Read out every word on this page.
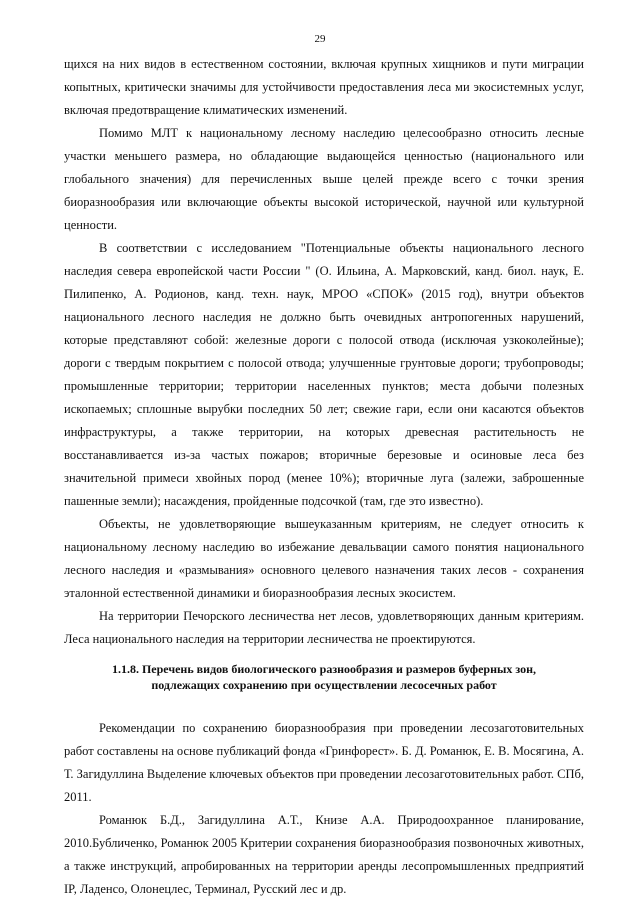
29

щихся на них видов в естественном состоянии, включая крупных хищников и пути миграции копытных, критически значимы для устойчивости предоставления леса ми экосистемных услуг, включая предотвращение климатических изменений.

Помимо МЛТ к национальному лесному наследию целесообразно относить лесные участки меньшего размера, но обладающие выдающейся ценностью (национального или глобального значения) для перечисленных выше целей прежде всего с точки зрения биоразнообразия или включающие объекты высокой исторической, научной или культурной ценности.

В соответствии с исследованием "Потенциальные объекты национального лесного наследия севера европейской части России " (О. Ильина, А. Марковский, канд. биол. наук, Е. Пилипенко, А. Родионов, канд. техн. наук, МРОО «СПОК» (2015 год), внутри объектов национального лесного наследия не должно быть очевидных антропогенных нарушений, которые представляют собой: железные дороги с полосой отвода (исключая узкоколейные); дороги с твердым покрытием с полосой отвода; улучшенные грунтовые дороги; трубопроводы; промышленные территории; территории населенных пунктов; места добычи полезных ископаемых; сплошные вырубки последних 50 лет; свежие гари, если они касаются объектов инфраструктуры, а также территории, на которых древесная растительность не восстанавливается из-за частых пожаров; вторичные березовые и осиновые леса без значительной примеси хвойных пород (менее 10%); вторичные луга (залежи, заброшенные пашенные земли); насаждения, пройденные подсочкой (там, где это известно).

Объекты, не удовлетворяющие вышеуказанным критериям, не следует относить к национальному лесному наследию во избежание девальвации самого понятия национального лесного наследия и «размывания» основного целевого назначения таких лесов - сохранения эталонной естественной динамики и биоразнообразия лесных экосистем.

На территории Печорского лесничества нет лесов, удовлетворяющих данным критериям. Леса национального наследия на территории лесничества не проектируются.

1.1.8. Перечень видов биологического разнообразия и размеров буферных зон,
подлежащих сохранению при осуществлении лесосечных работ

Рекомендации по сохранению биоразнообразия при проведении лесозаготовительных работ составлены на основе публикаций фонда «Гринфорест». Б. Д. Романюк, Е. В. Мосягина, А. Т. Загидуллина Выделение ключевых объектов при проведении лесозаготовительных работ. СПб, 2011.

Романюк Б.Д., Загидуллина А.Т., Книзе А.А. Природоохранное планирование, 2010.Бубличенко, Романюк 2005 Критерии сохранения биоразнообразия позвоночных животных, а также инструкций, апробированных на территории аренды лесопромышленных предприятий IP, Ладенсо, Олонецлес, Терминал, Русский лес и др.
